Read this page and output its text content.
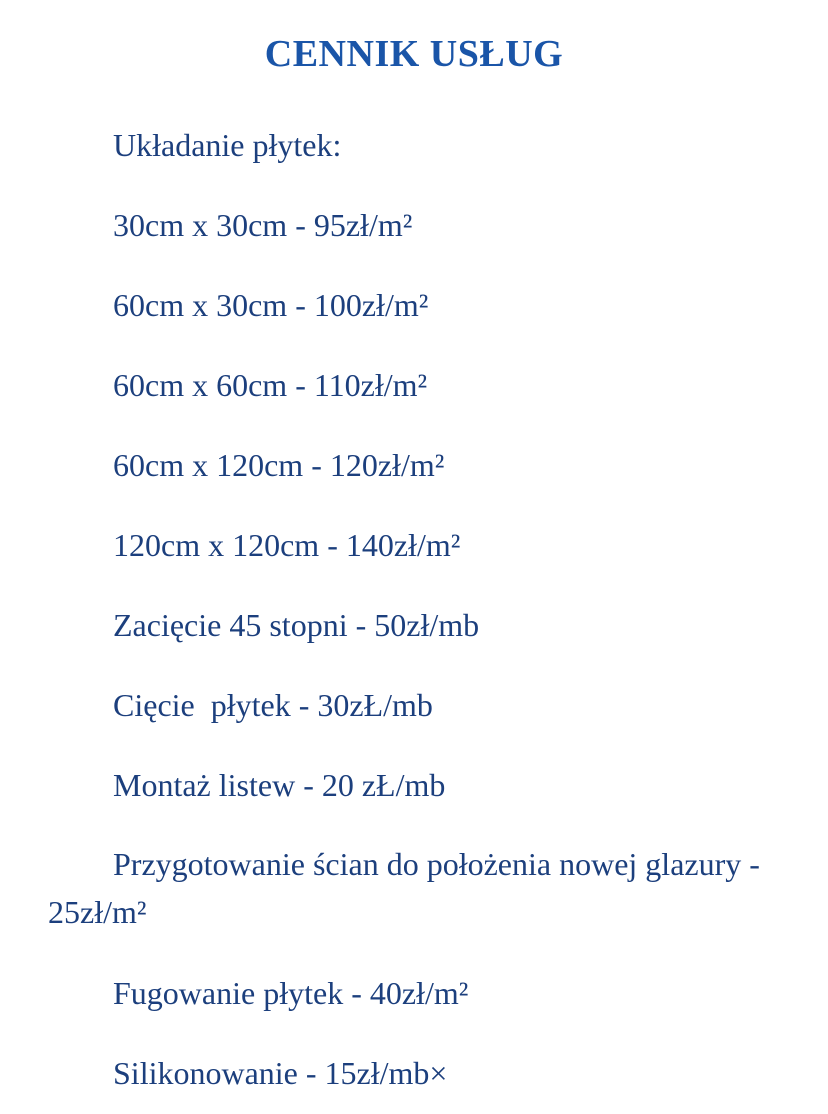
CENNIK USŁUG
Układanie płytek:
30cm x 30cm - 95zł/m²
60cm x 30cm - 100zł/m²
60cm x 60cm - 110zł/m²
60cm x 120cm - 120zł/m²
120cm x 120cm - 140zł/m²
Zacięcie 45 stopni - 50zł/mb
Cięcie  płytek - 30zŁ/mb
Montaż listew - 20 zŁ/mb
Przygotowanie ścian do położenia nowej glazury - 25zł/m²
Fugowanie płytek - 40zł/m²
Silikonowanie - 15zł/mb×
